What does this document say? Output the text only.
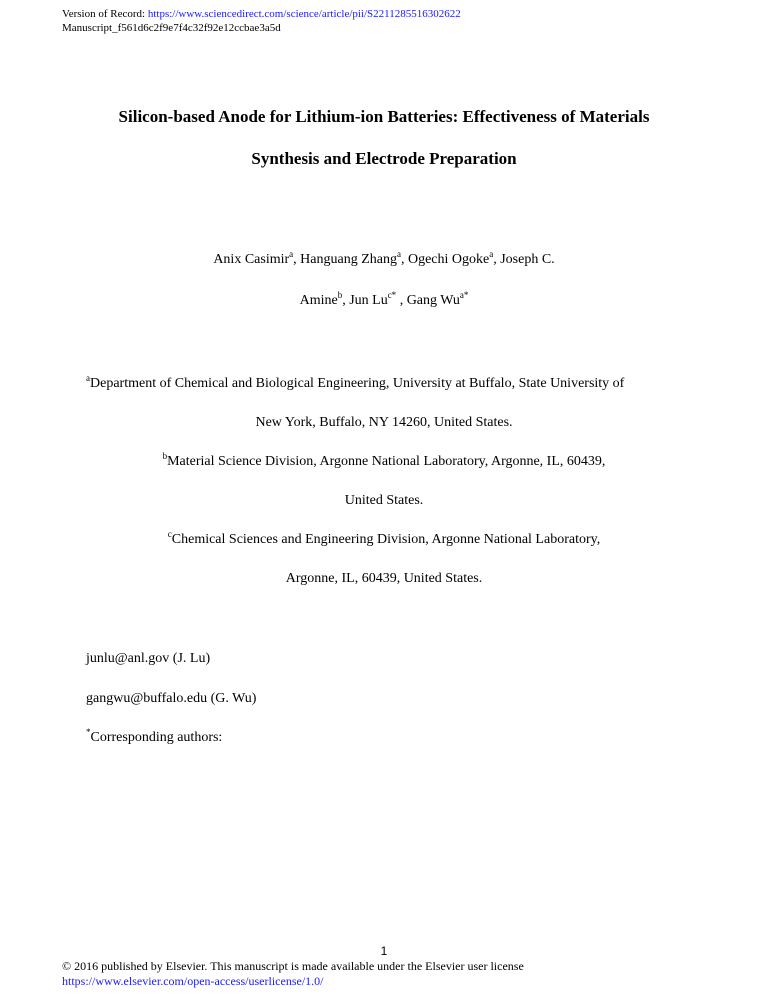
Version of Record: https://www.sciencedirect.com/science/article/pii/S2211285516302622
Manuscript_f561d6c2f9e7f4c32f92e12ccbae3a5d
Silicon-based Anode for Lithium-ion Batteries: Effectiveness of Materials
Synthesis and Electrode Preparation
Anix Casimir$^a$, Hanguang Zhang$^a$, Ogechi Ogoke$^a$, Joseph C.
Amine$^b$, Jun $Lu^{c*}$ , Gang $Wu^{a*}$
$^a$Department of Chemical and Biological Engineering, University at Buffalo, State University of
New York, Buffalo, NY 14260, United States.
$^b$Material Science Division, Argonne National Laboratory, Argonne, IL, 60439,
United States.
$^c$Chemical Sciences and Engineering Division, Argonne National Laboratory,
Argonne, IL, 60439, United States.
junlu@anl.gov (J. Lu)
gangwu@buffalo.edu (G. Wu)
*Corresponding authors:
1
© 2016 published by Elsevier. This manuscript is made available under the Elsevier user license
https://www.elsevier.com/open-access/userlicense/1.0/
